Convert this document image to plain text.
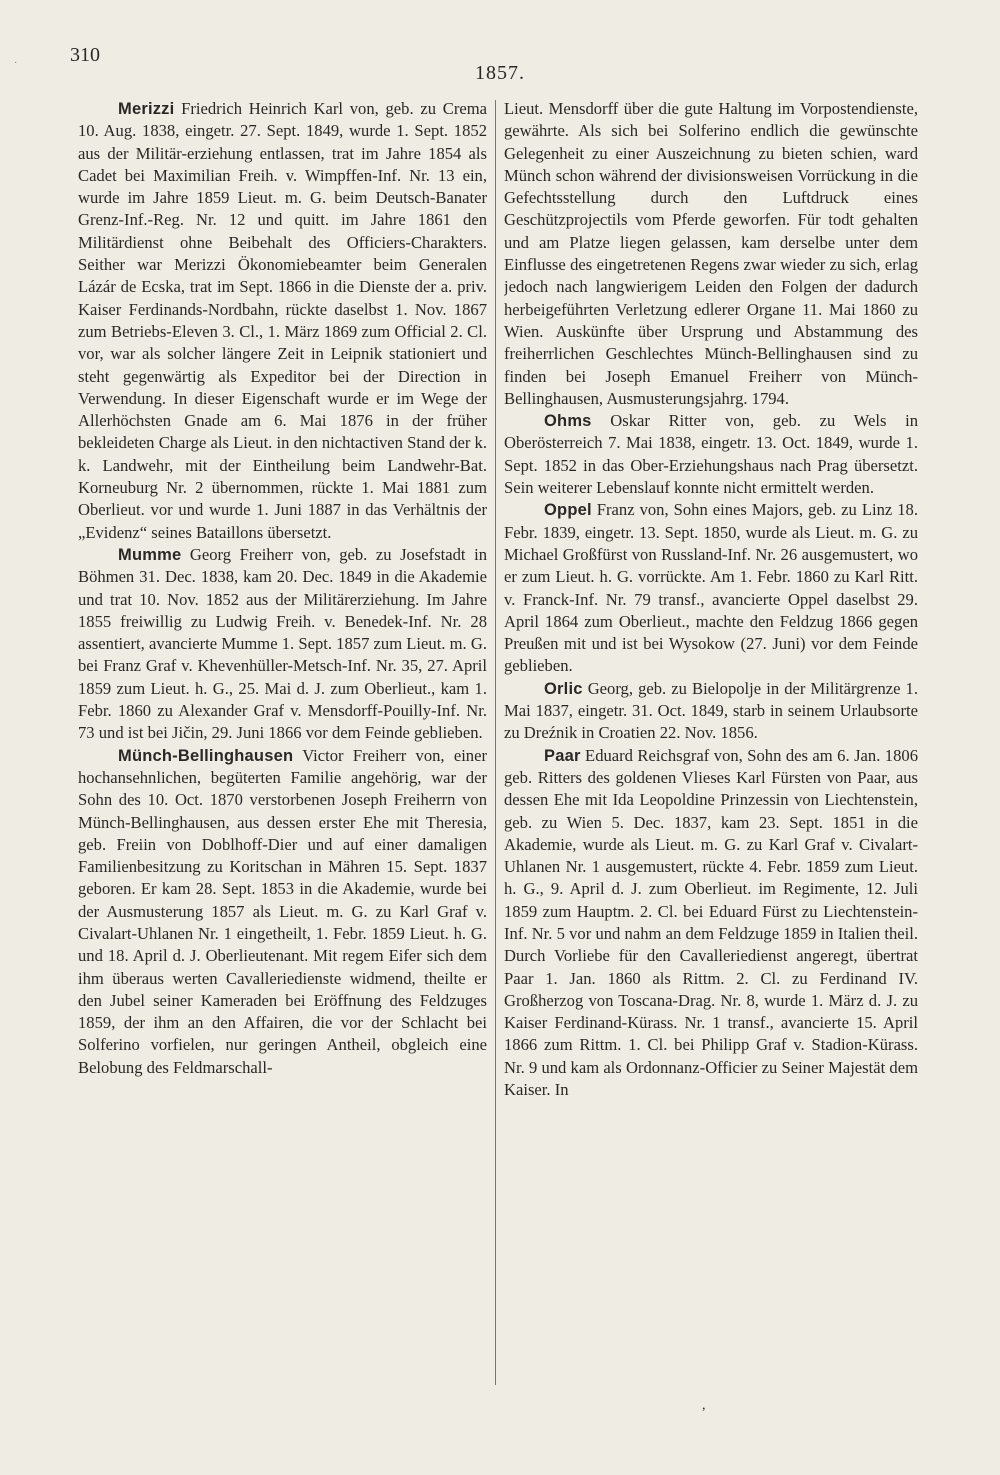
·	310
1857.

Merizzi Friedrich Heinrich Karl von, geb. zu Crema 10. Aug. 1838, eingetr. 27. Sept. 1849, wurde 1. Sept. 1852 aus der Militär-erziehung entlassen, trat im Jahre 1854 als Cadet bei Maximilian Freih. v. Wimpffen-Inf. Nr. 13 ein, wurde im Jahre 1859 Lieut. m. G. beim Deutsch-Banater Grenz-Inf.-Reg. Nr. 12 und quitt. im Jahre 1861 den Militärdienst ohne Beibehalt des Officiers-Charakters. Seither war Merizzi Ökonomiebeamter beim Generalen Lázár de Ecska, trat im Sept. 1866 in die Dienste der a. priv. Kaiser Ferdinands-Nordbahn, rückte daselbst 1. Nov. 1867 zum Betriebs-Eleven 3. Cl., 1. März 1869 zum Official 2. Cl. vor, war als solcher längere Zeit in Leipnik stationiert und steht gegenwärtig als Expeditor bei der Direction in Verwendung. In dieser Eigenschaft wurde er im Wege der Allerhöchsten Gnade am 6. Mai 1876 in der früher bekleideten Charge als Lieut. in den nichtactiven Stand der k. k. Landwehr, mit der Eintheilung beim Landwehr-Bat. Korneuburg Nr. 2 übernommen, rückte 1. Mai 1881 zum Oberlieut. vor und wurde 1. Juni 1887 in das Verhältnis der „Evidenz“ seines Bataillons übersetzt.

Mumme Georg Freiherr von, geb. zu Josefstadt in Böhmen 31. Dec. 1838, kam 20. Dec. 1849 in die Akademie und trat 10. Nov. 1852 aus der Militärerziehung. Im Jahre 1855 freiwillig zu Ludwig Freih. v. Benedek-Inf. Nr. 28 assentiert, avancierte Mumme 1. Sept. 1857 zum Lieut. m. G. bei Franz Graf v. Khevenhüller-Metsch-Inf. Nr. 35, 27. April 1859 zum Lieut. h. G., 25. Mai d. J. zum Oberlieut., kam 1. Febr. 1860 zu Alexander Graf v. Mensdorff-Pouilly-Inf. Nr. 73 und ist bei Jičin, 29. Juni 1866 vor dem Feinde geblieben.

Münch-Bellinghausen Victor Freiherr von, einer hochansehnlichen, begüterten Familie angehörig, war der Sohn des 10. Oct. 1870 verstorbenen Joseph Freiherrn von Münch-Bellinghausen, aus dessen erster Ehe mit Theresia, geb. Freiin von Doblhoff-Dier und auf einer damaligen Familienbesitzung zu Koritschan in Mähren 15. Sept. 1837 geboren. Er kam 28. Sept. 1853 in die Akademie, wurde bei der Ausmusterung 1857 als Lieut. m. G. zu Karl Graf v. Civalart-Uhlanen Nr. 1 eingetheilt, 1. Febr. 1859 Lieut. h. G. und 18. April d. J. Oberlieutenant. Mit regem Eifer sich dem ihm überaus werten Cavalleriedienste widmend, theilte er den Jubel seiner Kameraden bei Eröffnung des Feldzuges 1859, der ihm an den Affairen, die vor der Schlacht bei Solferino vorfielen, nur geringen Antheil, obgleich eine Belobung des Feldmarschall-

Lieut. Mensdorff über die gute Haltung im Vorpostendienste, gewährte. Als sich bei Solferino endlich die gewünschte Gelegenheit zu einer Auszeichnung zu bieten schien, ward Münch schon während der divisionsweisen Vorrückung in die Gefechtsstellung durch den Luftdruck eines Geschützprojectils vom Pferde geworfen. Für todt gehalten und am Platze liegen gelassen, kam derselbe unter dem Einflusse des eingetretenen Regens zwar wieder zu sich, erlag jedoch nach langwierigem Leiden den Folgen der dadurch herbeigeführten Verletzung edlerer Organe 11. Mai 1860 zu Wien. Auskünfte über Ursprung und Abstammung des freiherrlichen Geschlechtes Münch-Bellinghausen sind zu finden bei Joseph Emanuel Freiherr von Münch-Bellinghausen, Ausmusterungsjahrg. 1794.

Ohms Oskar Ritter von, geb. zu Wels in Oberösterreich 7. Mai 1838, eingetr. 13. Oct. 1849, wurde 1. Sept. 1852 in das Ober-Erziehungshaus nach Prag übersetzt. Sein weiterer Lebenslauf konnte nicht ermittelt werden.

Oppel Franz von, Sohn eines Majors, geb. zu Linz 18. Febr. 1839, eingetr. 13. Sept. 1850, wurde als Lieut. m. G. zu Michael Großfürst von Russland-Inf. Nr. 26 ausgemustert, wo er zum Lieut. h. G. vorrückte. Am 1. Febr. 1860 zu Karl Ritt. v. Franck-Inf. Nr. 79 transf., avancierte Oppel daselbst 29. April 1864 zum Oberlieut., machte den Feldzug 1866 gegen Preußen mit und ist bei Wysokow (27. Juni) vor dem Feinde geblieben.

Orlic Georg, geb. zu Bielopolje in der Militärgrenze 1. Mai 1837, eingetr. 31. Oct. 1849, starb in seinem Urlaubsorte zu Dreźnik in Croatien 22. Nov. 1856.

Paar Eduard Reichsgraf von, Sohn des am 6. Jan. 1806 geb. Ritters des goldenen Vlieses Karl Fürsten von Paar, aus dessen Ehe mit Ida Leopoldine Prinzessin von Liechtenstein, geb. zu Wien 5. Dec. 1837, kam 23. Sept. 1851 in die Akademie, wurde als Lieut. m. G. zu Karl Graf v. Civalart-Uhlanen Nr. 1 ausgemustert, rückte 4. Febr. 1859 zum Lieut. h. G., 9. April d. J. zum Oberlieut. im Regimente, 12. Juli 1859 zum Hauptm. 2. Cl. bei Eduard Fürst zu Liechtenstein-Inf. Nr. 5 vor und nahm an dem Feldzuge 1859 in Italien theil. Durch Vorliebe für den Cavalleriedienst angeregt, übertrat Paar 1. Jan. 1860 als Rittm. 2. Cl. zu Ferdinand IV. Großherzog von Toscana-Drag. Nr. 8, wurde 1. März d. J. zu Kaiser Ferdinand-Kürass. Nr. 1 transf., avancierte 15. April 1866 zum Rittm. 1. Cl. bei Philipp Graf v. Stadion-Kürass. Nr. 9 und kam als Ordonnanz-Officier zu Seiner Majestät dem Kaiser. In

,
